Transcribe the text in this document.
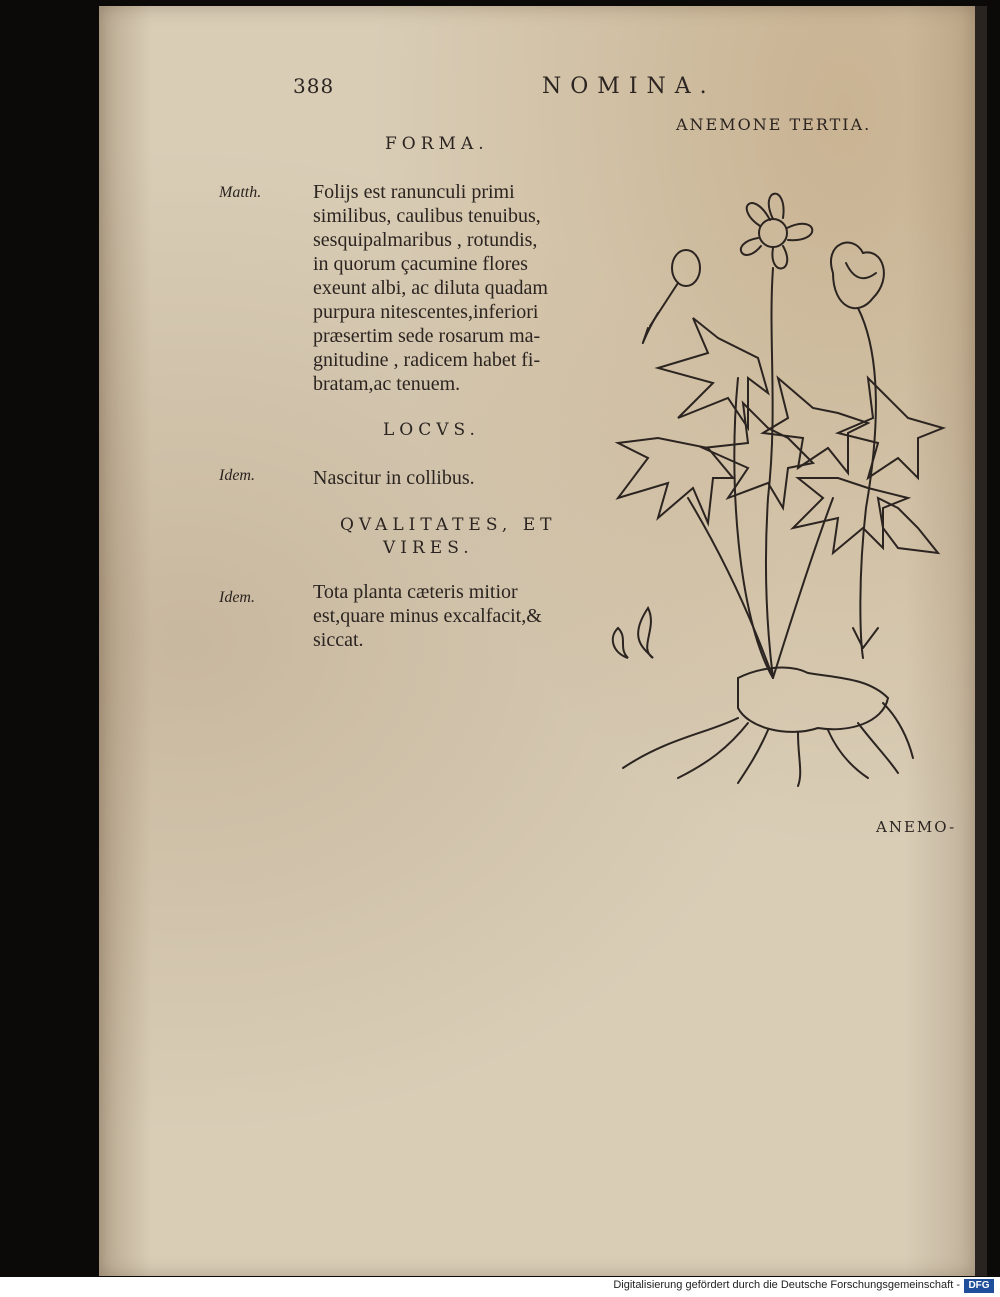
388	NOMINA.
ANEMONE TERTIA.
FORMA.
Matth.	Folijs est ranunculi primi
similibus, caulibus tenuibus,
sesquipalmaribus , rotundis,
in quorum çacumine flores
exeunt albi, ac diluta quadam
purpura nitescentes,inferiori
præsertim sede rosarum ma-
gnitudine , radicem habet fi-
bratam,ac tenuem.
LOCVS.
Idem.	Nascitur in collibus.
QVALITATES, ET
VIRES.
Idem.	Tota planta cæteris mitior
est,quare minus excalfacit,&
siccat.
ANEMO-
Digitalisierung gefördert durch die Deutsche Forschungsgemeinschaft - DFG
